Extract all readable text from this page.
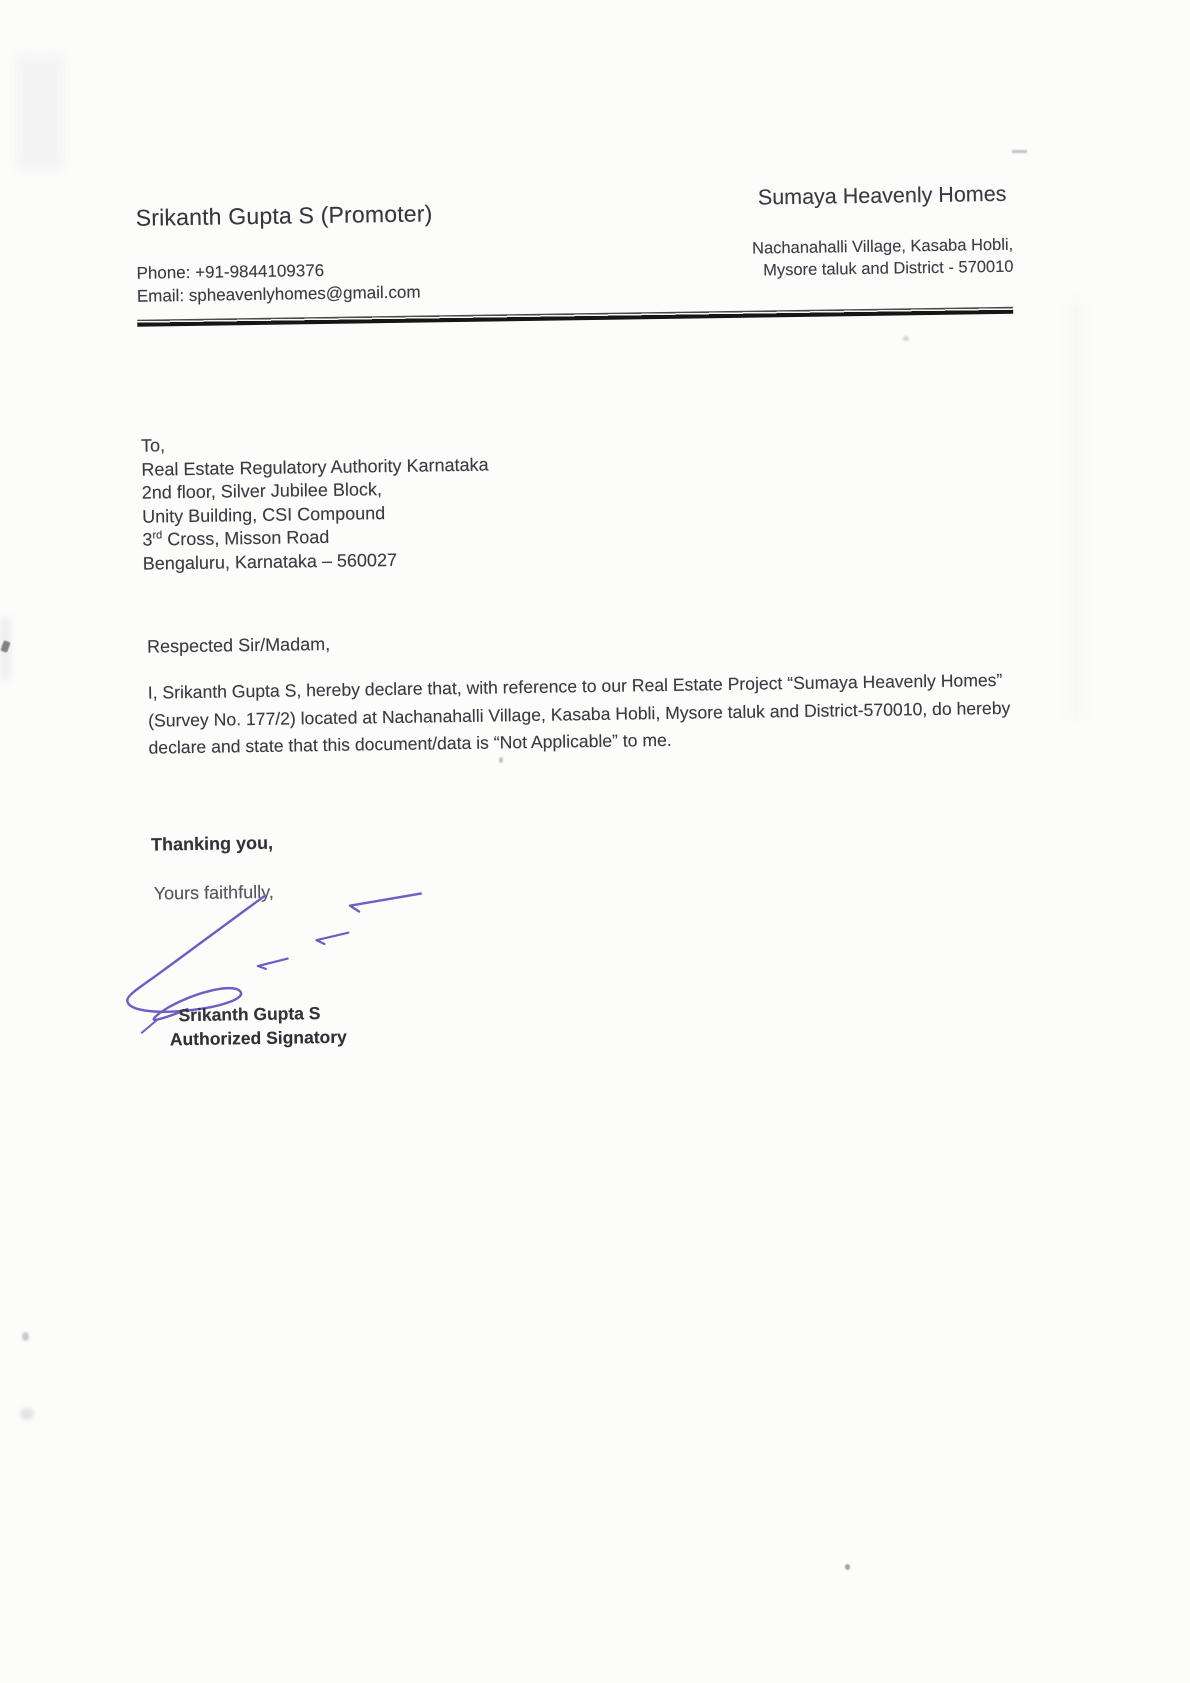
Srikanth Gupta S (Promoter)
Phone: +91-9844109376
Email: spheavenlyhomes@gmail.com
Sumaya Heavenly Homes
Nachanahalli Village, Kasaba Hobli,
Mysore taluk and District - 570010
To,
Real Estate Regulatory Authority Karnataka
2nd floor, Silver Jubilee Block,
Unity Building, CSI Compound
3rd Cross, Misson Road
Bengaluru, Karnataka – 560027
Respected Sir/Madam,
I, Srikanth Gupta S, hereby declare that, with reference to our Real Estate Project “Sumaya Heavenly Homes” (Survey No. 177/2) located at Nachanahalli Village, Kasaba Hobli, Mysore taluk and District-570010, do hereby declare and state that this document/data is “Not Applicable” to me.
Thanking you,
Yours faithfully,
Srikanth Gupta S
Authorized Signatory
